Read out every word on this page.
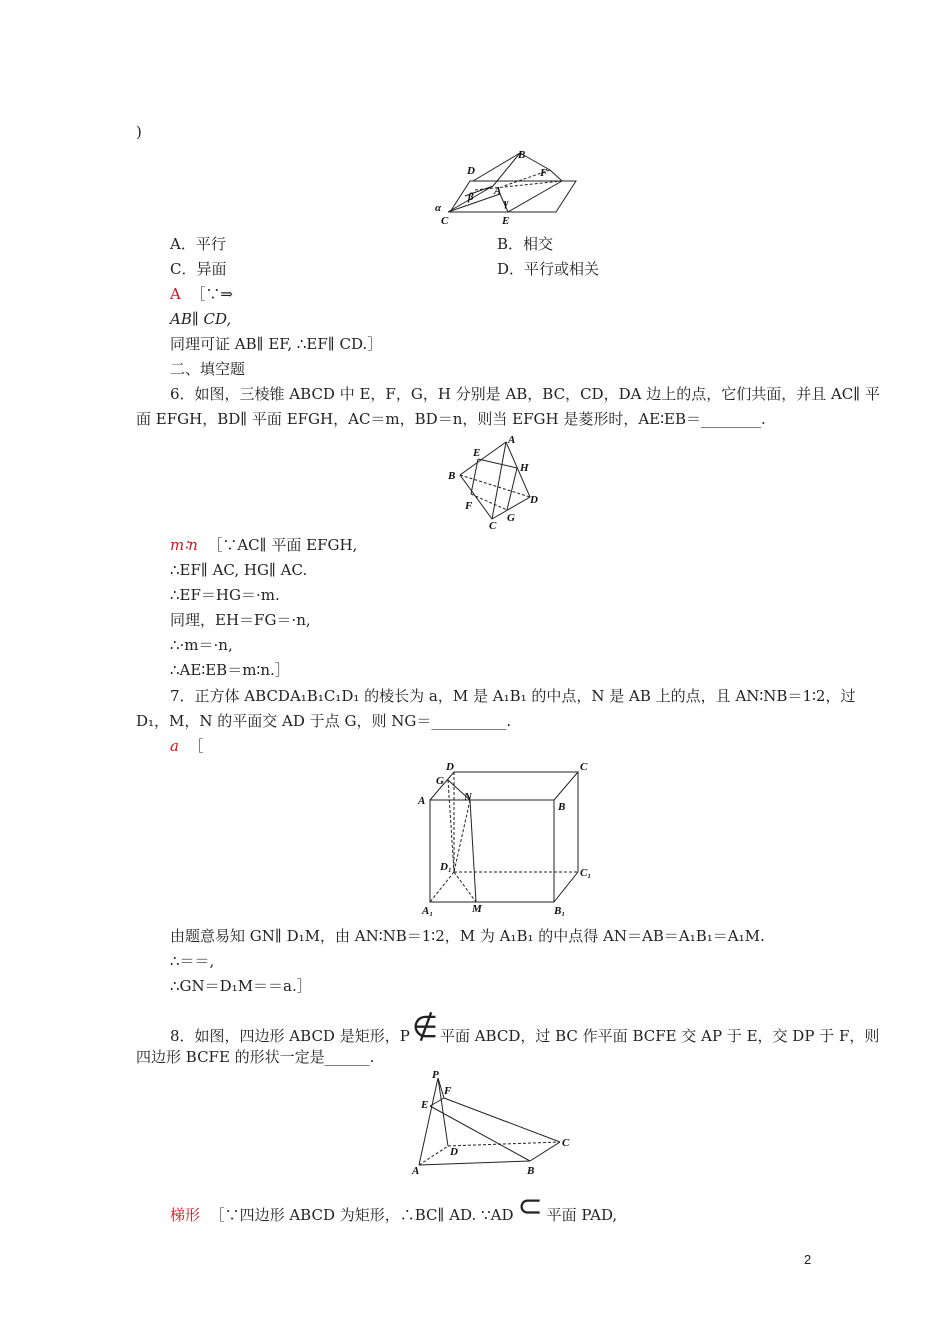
)
B
D	F
α
β A
γ
C	E
A．平行	B．相交
C．异面	D．平行或相关
A ［∵⇒
AB∥ CD,
同理可证 AB∥ EF, ∴EF∥ CD.］
二、填空题
6．如图，三棱锥 ABCD 中 E，F，G，H 分别是 AB，BC，CD，DA 边上的点，它们共面，并且 AC∥ 平
面 EFGH，BD∥ 平面 EFGH，AC＝m，BD＝n，则当 EFGH 是菱形时，AE∶EB＝________.
A
E
H
B
D
F
G
C
m∶n ［∵AC∥ 平面 EFGH,
∴EF∥ AC, HG∥ AC.
∴EF＝HG＝·m.
同理，EH＝FG＝·n,
∴·m＝·n,
∴AE∶EB＝m∶n.］
7．正方体 ABCDA₁B₁C₁D₁ 的棱长为 a，M 是 A₁B₁ 的中点，N 是 AB 上的点，且 AN∶NB＝1∶2，过
D₁，M，N 的平面交 AD 于点 G，则 NG＝__________.
a ［
D	C
G
A	N
B
D₁	C₁
A₁	M	B₁
由题意易知 GN∥ D₁M，由 AN∶NB＝1∶2，M 为 A₁B₁ 的中点得 AN＝AB＝A₁B₁＝A₁M.
∴＝＝,
∴GN＝D₁M＝＝a.］
8．如图，四边形 ABCD 是矩形，P∉ 平面 ABCD，过 BC 作平面 BCFE 交 AP 于 E，交 DP 于 F，则
四边形 BCFE 的形状一定是______.
P
F
E
D
C
A	B
梯形 ［∵四边形 ABCD 为矩形，∴BC∥ AD. ∵AD ⊂ 平面 PAD,
2
